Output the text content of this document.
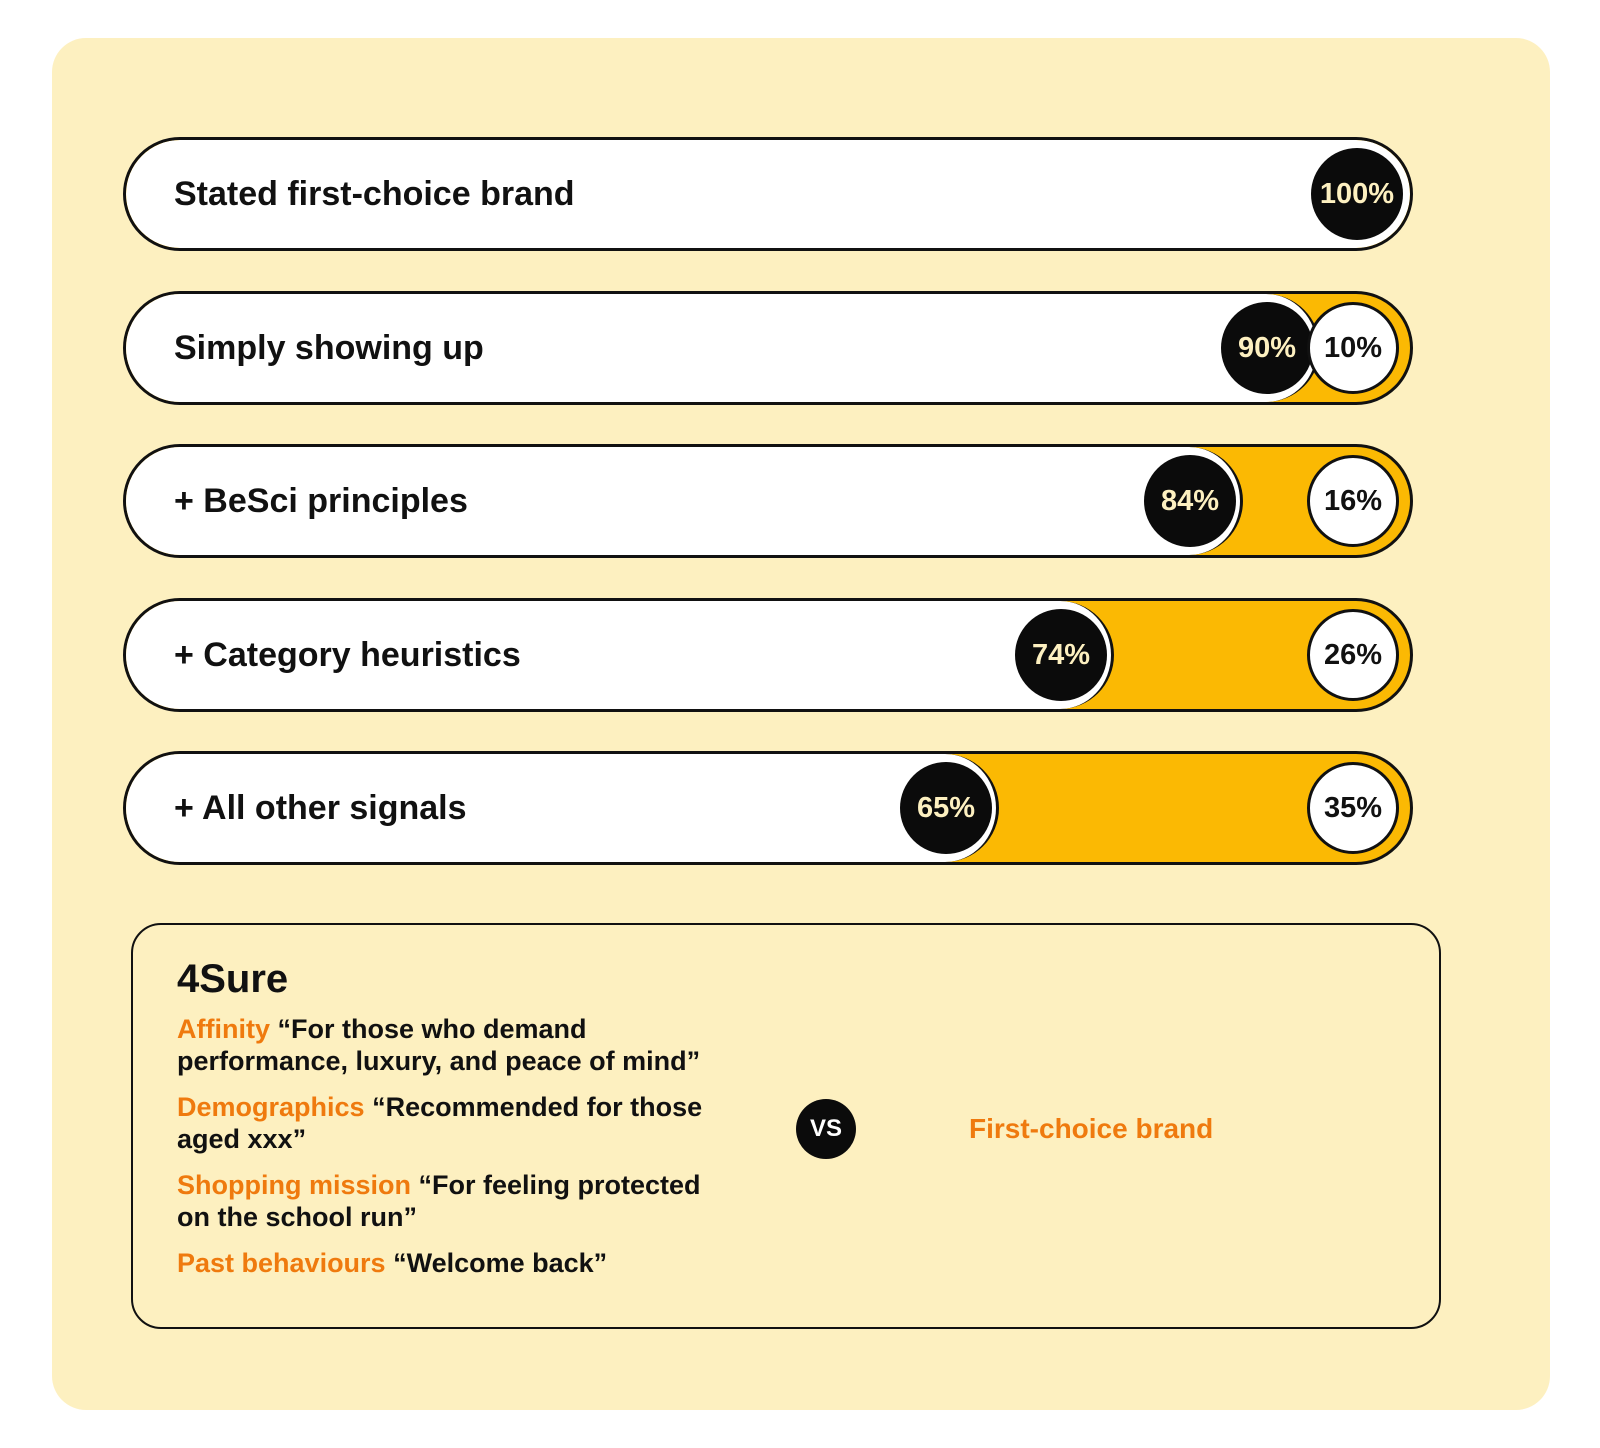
Stated first-choice brand	100%
Simply showing up	90% 10%
+ BeSci principles	84%	16%
+ Category heuristics	74%	26%
+ All other signals	65%	35%
4Sure
Affinity “For those who demand performance, luxury, and peace of mind”
Demographics “Recommended for those aged xxx”
Shopping mission “For feeling protected on the school run”
Past behaviours “Welcome back”
VS	First-choice brand
